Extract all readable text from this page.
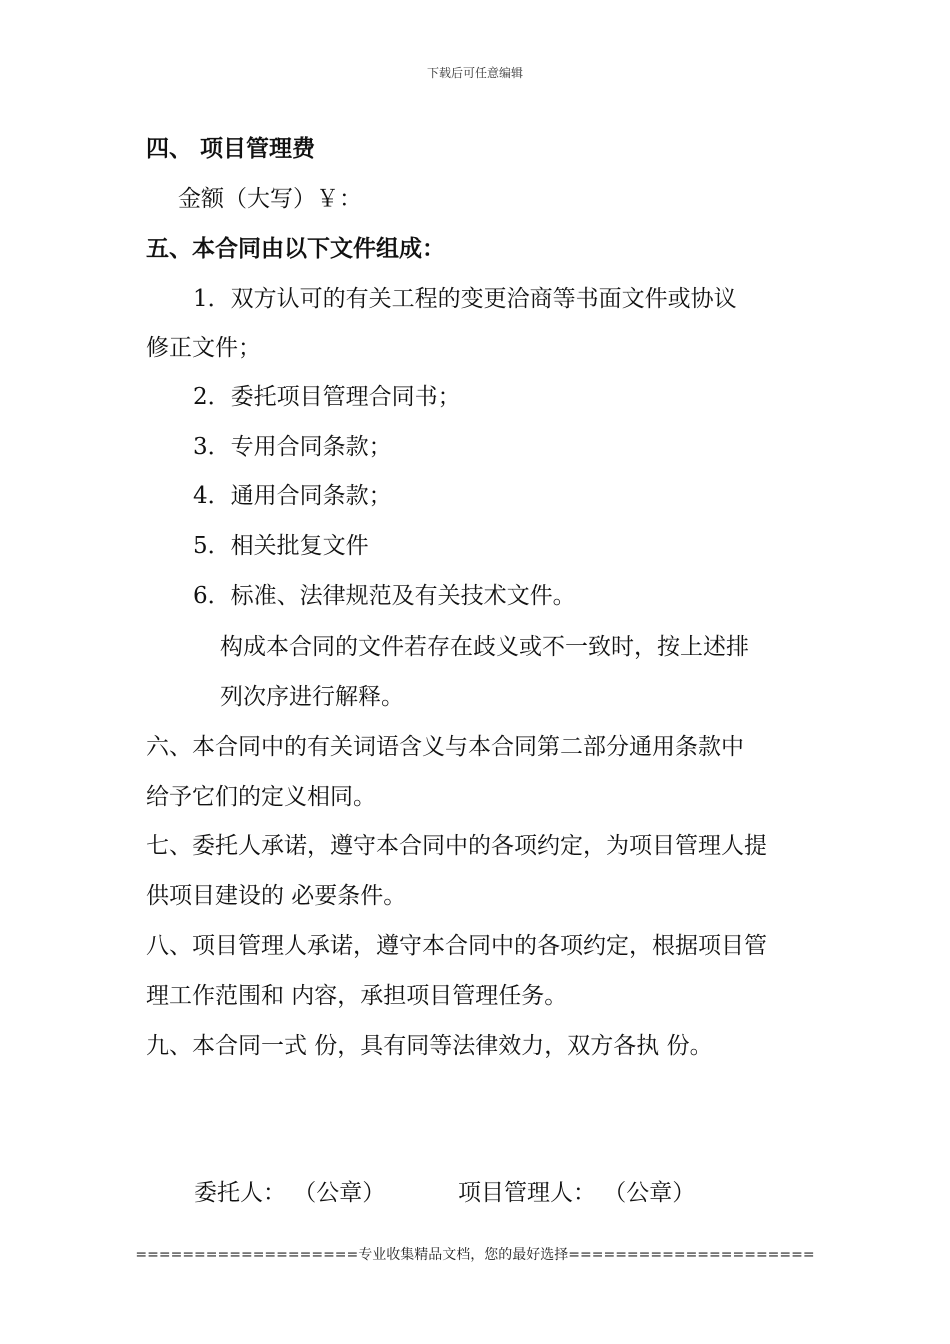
下载后可任意编辑
四、 项目管理费
金额（大写）￥：
五、本合同由以下文件组成：
1．双方认可的有关工程的变更洽商等书面文件或协议
修正文件；
2．委托项目管理合同书；
3．专用合同条款；
4．通用合同条款；
5．相关批复文件
6．标准、法律规范及有关技术文件。
构成本合同的文件若存在歧义或不一致时，按上述排
列次序进行解释。
六、本合同中的有关词语含义与本合同第二部分通用条款中
给予它们的定义相同。
七、委托人承诺，遵守本合同中的各项约定，为项目管理人提
供项目建设的 必要条件。
八、项目管理人承诺，遵守本合同中的各项约定，根据项目管
理工作范围和 内容，承担项目管理任务。
九、本合同一式 份，具有同等法律效力，双方各执 份。
委托人： （公章）	项目管理人： （公章）
===================专业收集精品文档，您的最好选择=====================
